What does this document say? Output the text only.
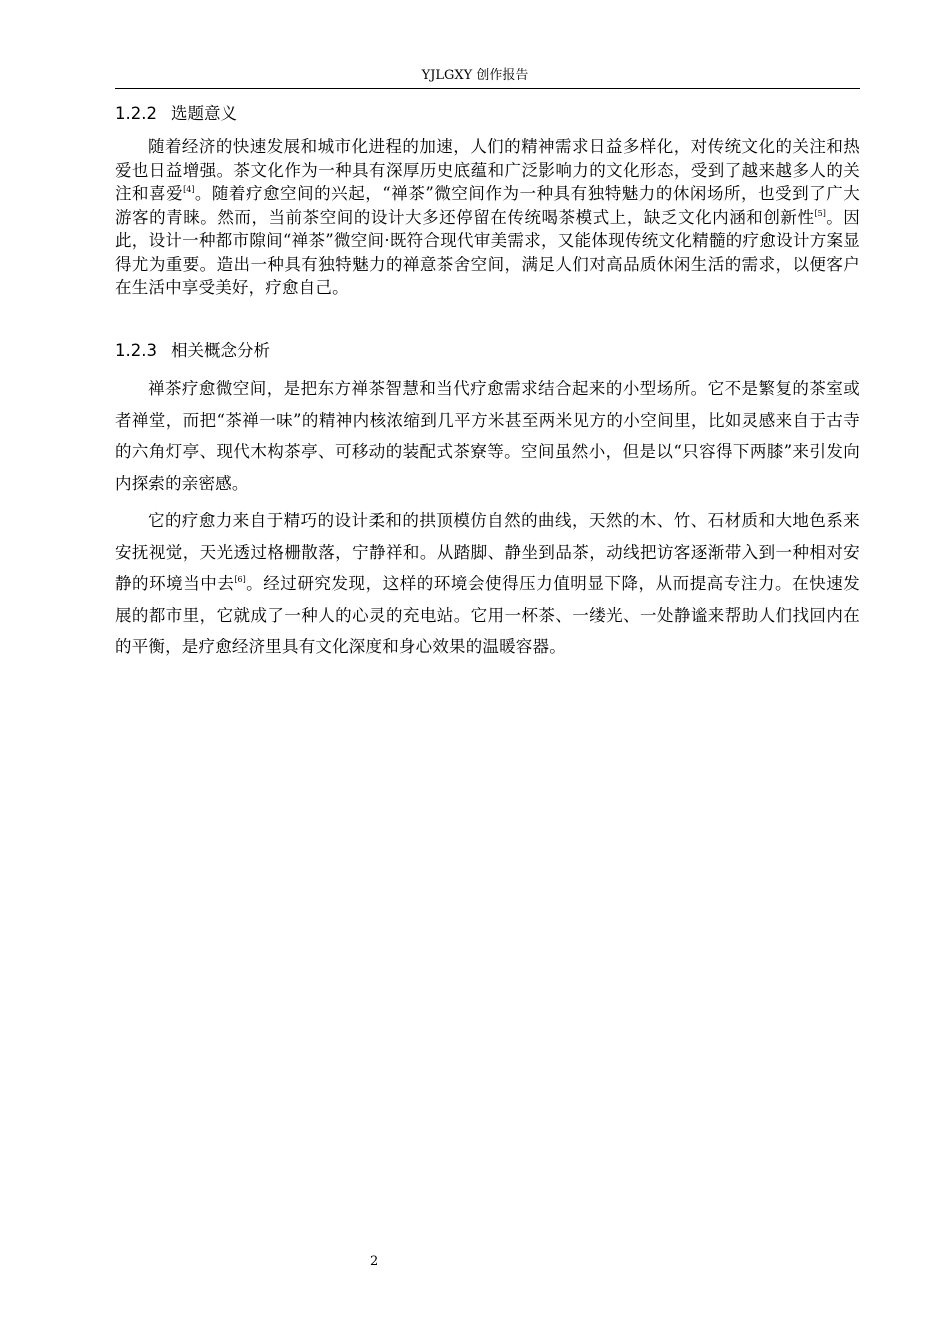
YJLGXY 创作报告
1.2.2 选题意义

随着经济的快速发展和城市化进程的加速，人们的精神需求日益多样化，对传统文化的关注和热爱也日益增强。茶文化作为一种具有深厚历史底蕴和广泛影响力的文化形态，受到了越来越多人的关注和喜爱[4]。随着疗愈空间的兴起，“禅茶”微空间作为一种具有独特魅力的休闲场所，也受到了广大游客的青睐。然而，当前茶空间的设计大多还停留在传统喝茶模式上，缺乏文化内涵和创新性[5]。因此，设计一种都市隙间“禅茶”微空间·既符合现代审美需求，又能体现传统文化精髓的疗愈设计方案显得尤为重要。造出一种具有独特魅力的禅意茶舍空间，满足人们对高品质休闲生活的需求，以便客户在生活中享受美好，疗愈自己。

1.2.3 相关概念分析

禅茶疗愈微空间，是把东方禅茶智慧和当代疗愈需求结合起来的小型场所。它不是繁复的茶室或者禅堂，而把“茶禅一味”的精神内核浓缩到几平方米甚至两米见方的小空间里，比如灵感来自于古寺的六角灯亭、现代木构茶亭、可移动的装配式茶寮等。空间虽然小，但是以“只容得下两膝”来引发向内探索的亲密感。

它的疗愈力来自于精巧的设计柔和的拱顶模仿自然的曲线，天然的木、竹、石材质和大地色系来安抚视觉，天光透过格栅散落，宁静祥和。从踏脚、静坐到品茶，动线把访客逐渐带入到一种相对安静的环境当中去[6]。经过研究发现，这样的环境会使得压力值明显下降，从而提高专注力。在快速发展的都市里，它就成了一种人的心灵的充电站。它用一杯茶、一缕光、一处静谧来帮助人们找回内在的平衡，是疗愈经济里具有文化深度和身心效果的温暖容器。

2
